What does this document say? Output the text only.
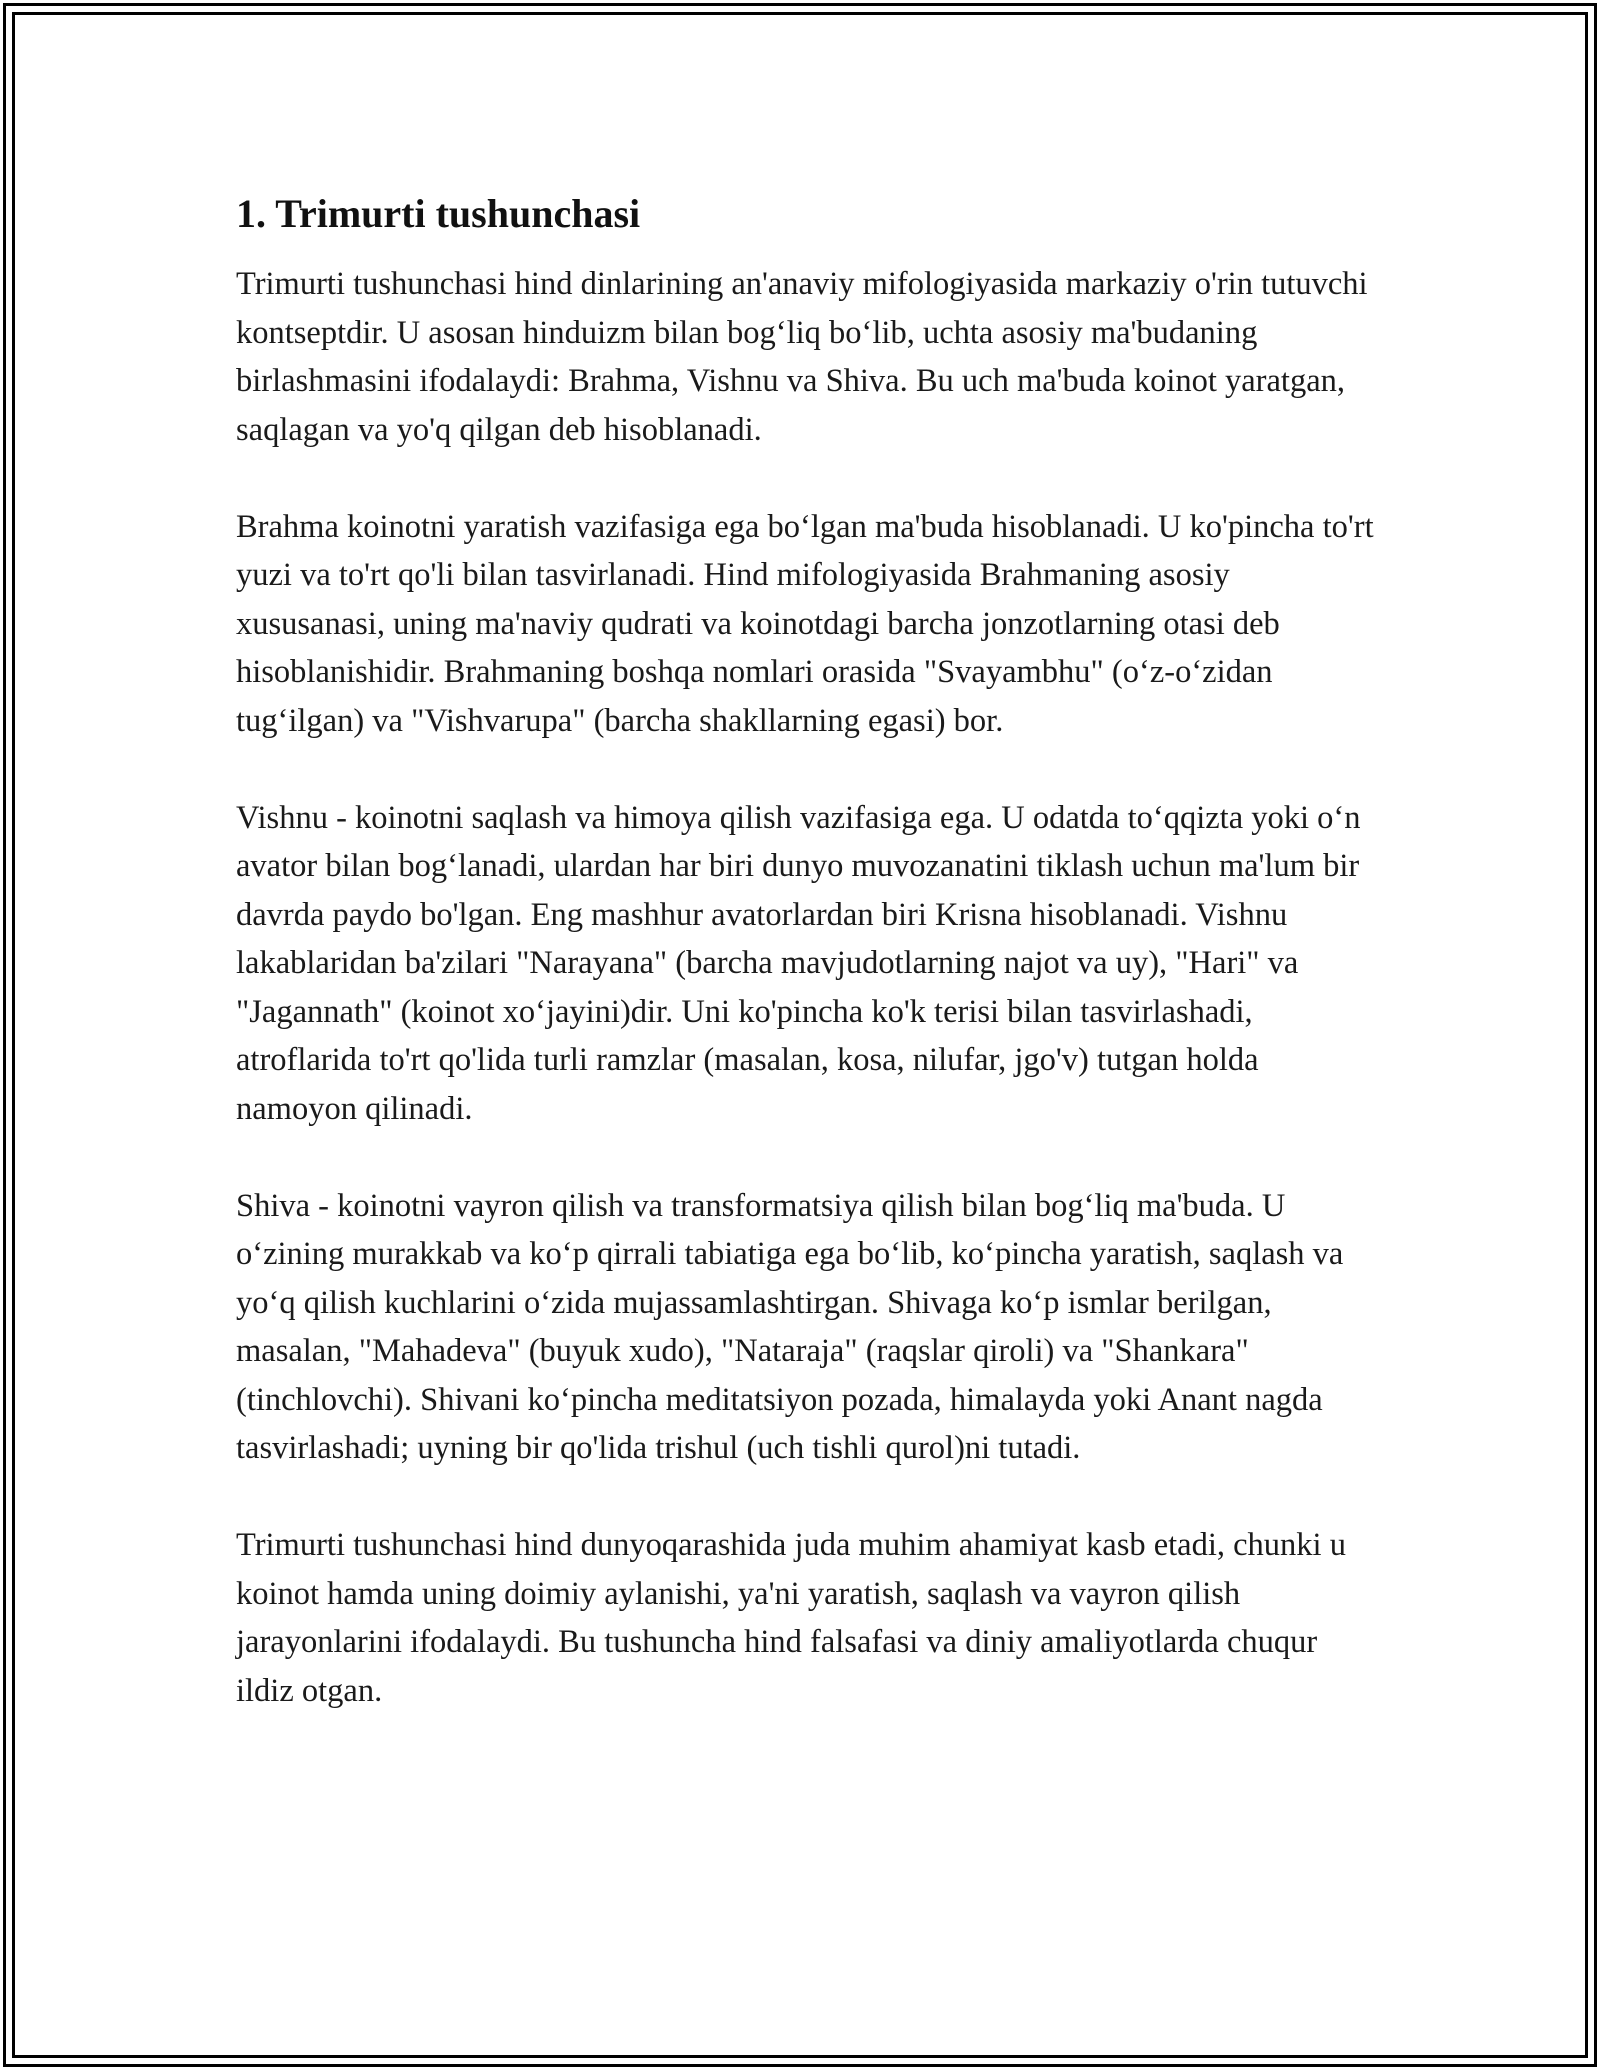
1. Trimurti tushunchasi

Trimurti tushunchasi hind dinlarining an'anaviy mifologiyasida markaziy o'rin tutuvchi kontseptdir. U asosan hinduizm bilan bog‘liq bo‘lib, uchta asosiy ma'budaning birlashmasini ifodalaydi: Brahma, Vishnu va Shiva. Bu uch ma'buda koinot yaratgan, saqlagan va yo'q qilgan deb hisoblanadi.

Brahma koinotni yaratish vazifasiga ega bo‘lgan ma'buda hisoblanadi. U ko'pincha to'rt yuzi va to'rt qo'li bilan tasvirlanadi. Hind mifologiyasida Brahmaning asosiy xususanasi, uning ma'naviy qudrati va koinotdagi barcha jonzotlarning otasi deb hisoblanishidir. Brahmaning boshqa nomlari orasida "Svayambhu" (o‘z-o‘zidan tug‘ilgan) va "Vishvarupa" (barcha shakllarning egasi) bor.

Vishnu - koinotni saqlash va himoya qilish vazifasiga ega. U odatda to‘qqizta yoki o‘n avator bilan bog‘lanadi, ulardan har biri dunyo muvozanatini tiklash uchun ma'lum bir davrda paydo bo'lgan. Eng mashhur avatorlardan biri Krisna hisoblanadi. Vishnu lakablaridan ba'zilari "Narayana" (barcha mavjudotlarning najot va uy), "Hari" va "Jagannath" (koinot xo‘jayini)dir. Uni ko'pincha ko'k terisi bilan tasvirlashadi, atroflarida to'rt qo'lida turli ramzlar (masalan, kosa, nilufar, jgo'v) tutgan holda namoyon qilinadi.

Shiva - koinotni vayron qilish va transformatsiya qilish bilan bog‘liq ma'buda. U o‘zining murakkab va ko‘p qirrali tabiatiga ega bo‘lib, ko‘pincha yaratish, saqlash va yo‘q qilish kuchlarini o‘zida mujassamlashtirgan. Shivaga ko‘p ismlar berilgan, masalan, "Mahadeva" (buyuk xudo), "Nataraja" (raqslar qiroli) va "Shankara" (tinchlovchi). Shivani ko‘pincha meditatsiyon pozada, himalayda yoki Anant nagda tasvirlashadi; uyning bir qo'lida trishul (uch tishli qurol)ni tutadi.

Trimurti tushunchasi hind dunyoqarashida juda muhim ahamiyat kasb etadi, chunki u koinot hamda uning doimiy aylanishi, ya'ni yaratish, saqlash va vayron qilish jarayonlarini ifodalaydi. Bu tushuncha hind falsafasi va diniy amaliyotlarda chuqur ildiz otgan.
